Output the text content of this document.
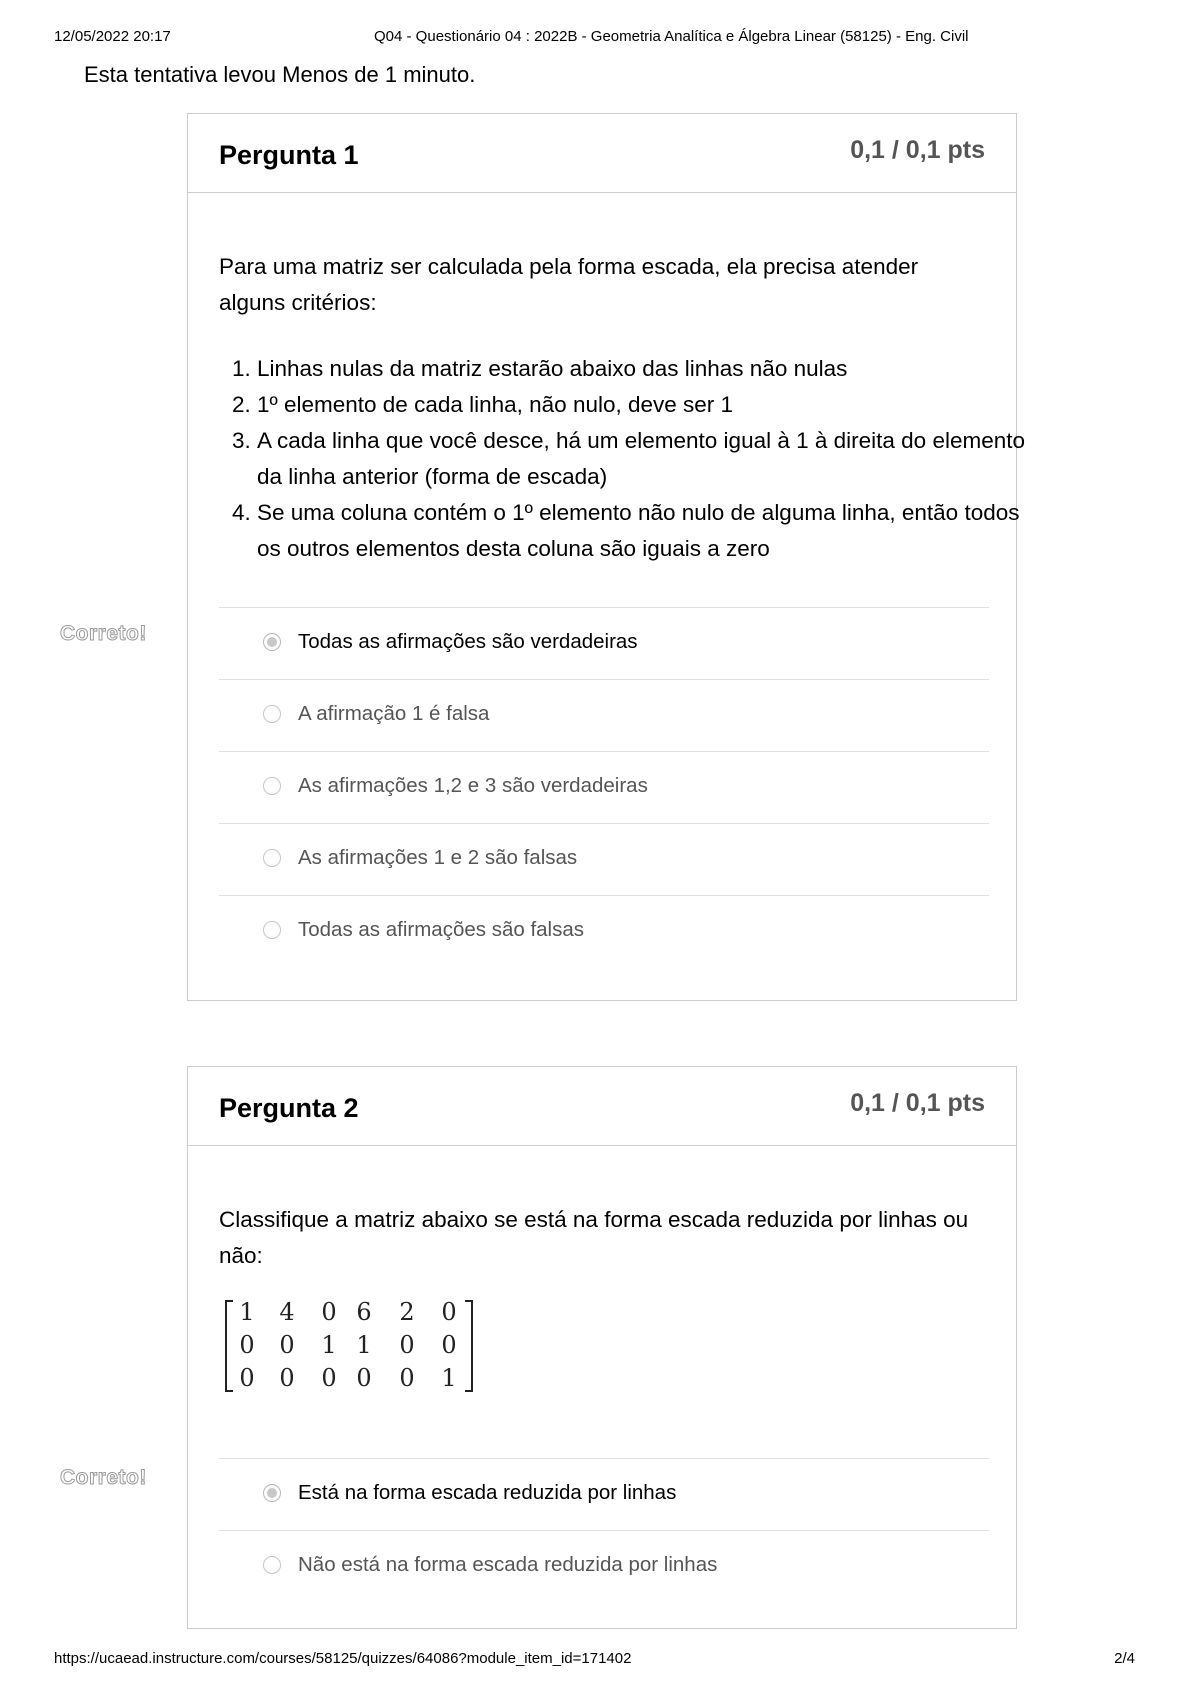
12/05/2022 20:17	Q04 - Questionário 04 : 2022B - Geometria Analítica e Álgebra Linear (58125) - Eng. Civil
Esta tentativa levou Menos de 1 minuto.
Pergunta 1	0,1 / 0,1 pts
Para uma matriz ser calculada pela forma escada, ela precisa atender alguns critérios:
1. Linhas nulas da matriz estarão abaixo das linhas não nulas
2. 1º elemento de cada linha, não nulo, deve ser 1
3. A cada linha que você desce, há um elemento igual à 1 à direita do elemento da linha anterior (forma de escada)
4. Se uma coluna contém o 1º elemento não nulo de alguma linha, então todos os outros elementos desta coluna são iguais a zero
Todas as afirmações são verdadeiras
A afirmação 1 é falsa
As afirmações 1,2 e 3 são verdadeiras
As afirmações 1 e 2 são falsas
Todas as afirmações são falsas
Correto!
Pergunta 2	0,1 / 0,1 pts
Classifique a matriz abaixo se está na forma escada reduzida por linhas ou não:
1 4 0 6 2 0
0 0 1 1 0 0
0 0 0 0 0 1
Está na forma escada reduzida por linhas
Não está na forma escada reduzida por linhas
Correto!
https://ucaead.instructure.com/courses/58125/quizzes/64086?module_item_id=171402	2/4
